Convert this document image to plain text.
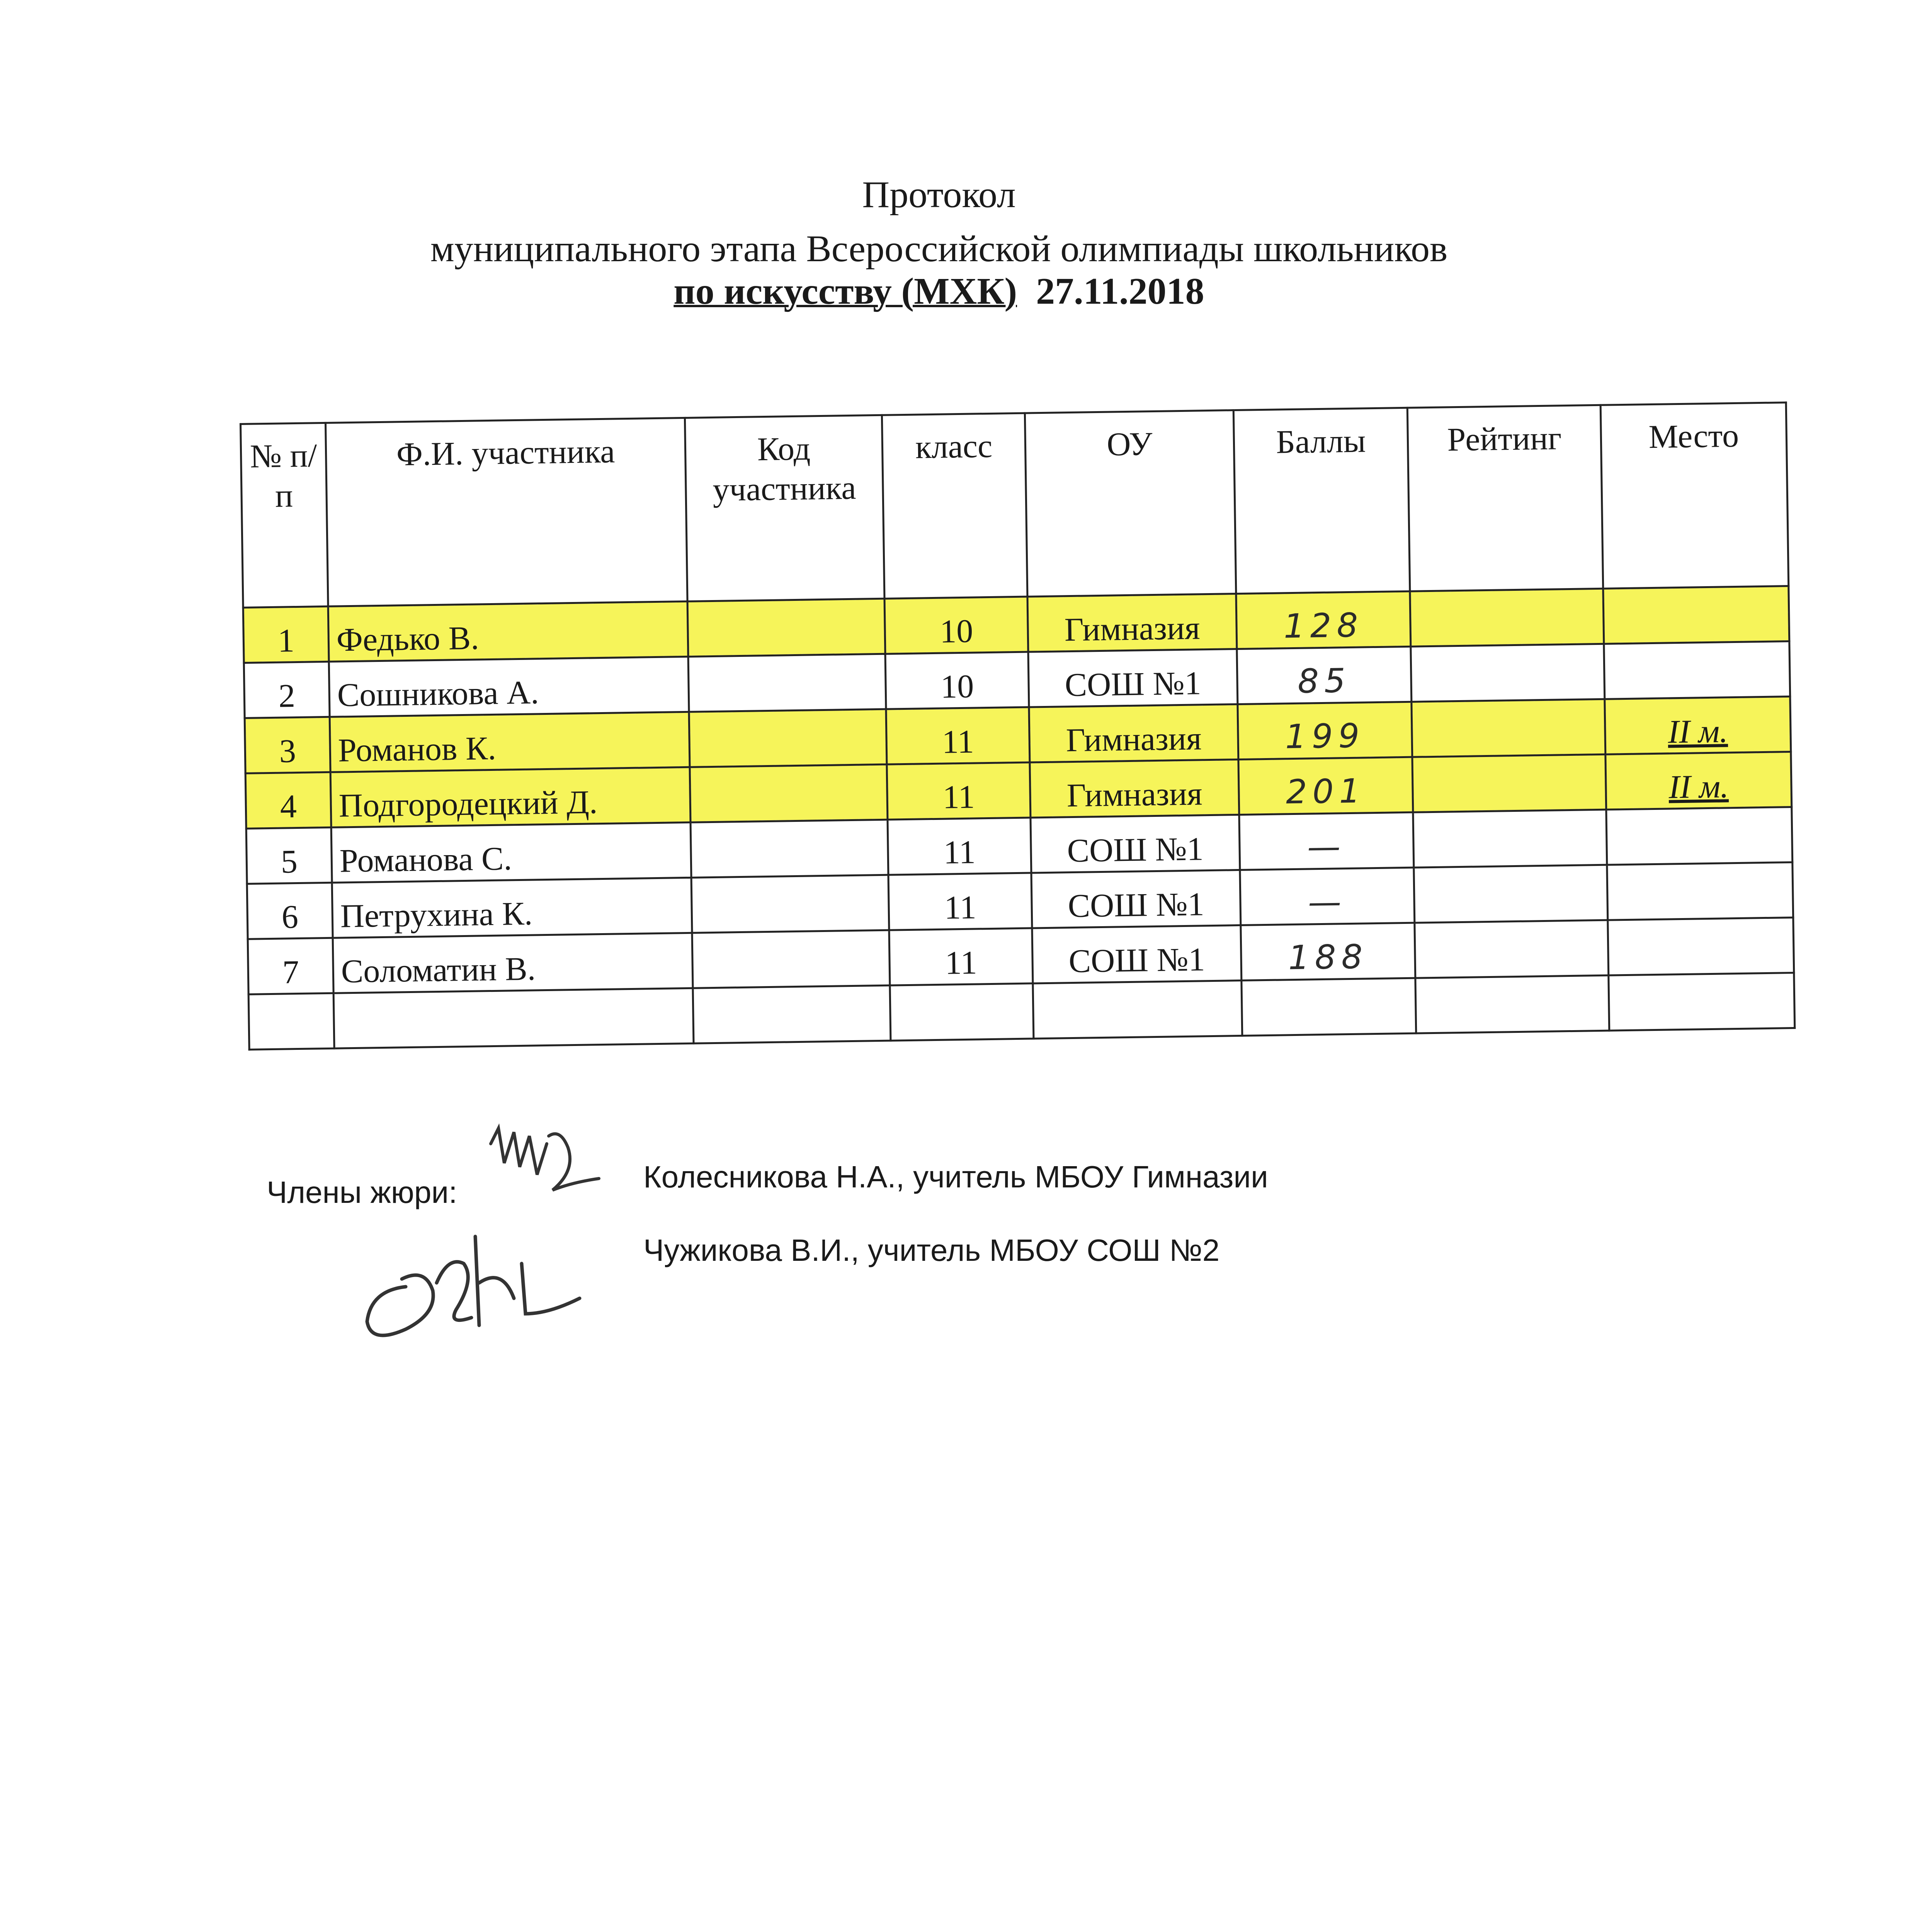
Протокол
муниципального этапа Всероссийской олимпиады школьников
по искусству (МХК) 27.11.2018
№ п/п	Ф.И. участника	Код участника	класс	ОУ	Баллы	Рейтинг	Место
1	Федько В.		10	Гимназия	128		
2	Сошникова А.		10	СОШ №1	85		
3	Романов К.		11	Гимназия	199		II м.
4	Подгородецкий Д.		11	Гимназия	201		II м.
5	Романова С.		11	СОШ №1	—		
6	Петрухина К.		11	СОШ №1	—		
7	Соломатин В.		11	СОШ №1	188		

Члены жюри:	Колесникова Н.А., учитель МБОУ Гимназии
Чужикова В.И., учитель МБОУ СОШ №2
